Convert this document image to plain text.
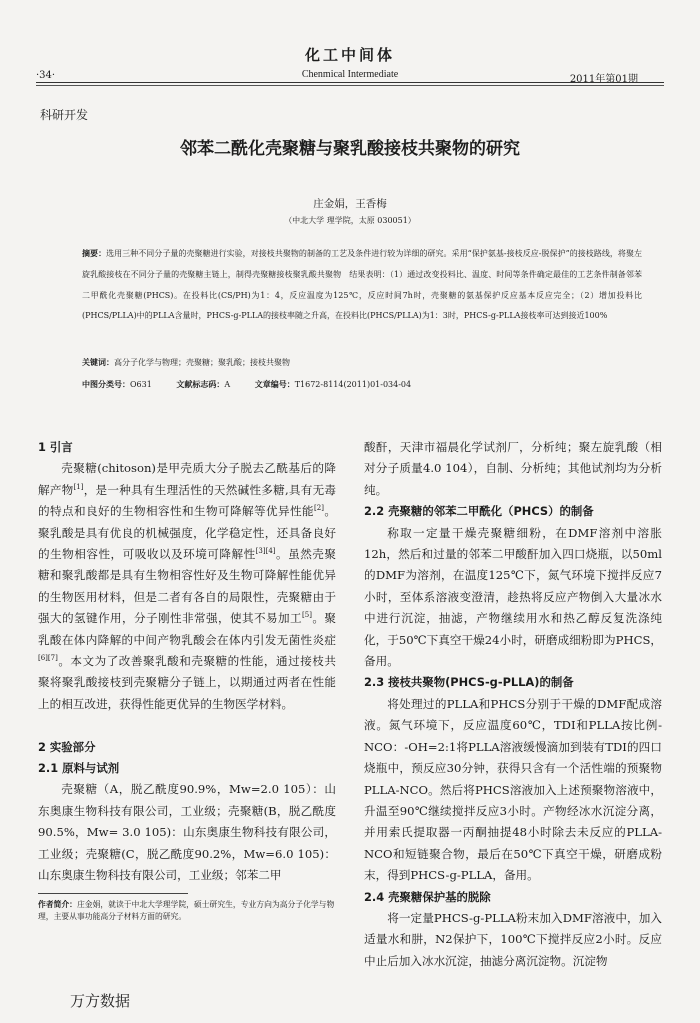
化工中间体
·34·	Chenmical Intermediate	2011年第01期
科研开发
邻苯二酰化壳聚糖与聚乳酸接枝共聚物的研究
庄金娟，王香梅
（中北大学 理学院，太原 030051）
摘要：选用三种不同分子量的壳聚糖进行实验，对接枝共聚物的制备的工艺及条件进行较为详细的研究。采用“保护氨基-接枝反应-脱保护”的接枝路线，将聚左旋乳酸接枝在不同分子量的壳聚糖主链上，制得壳聚糖接枝聚乳酸共聚物　结果表明：（1）通过改变投料比、温度、时间等条件确定最佳的工艺条件制备邻苯二甲酰化壳聚糖(PHCS)。在投料比(CS/PH)为1：4，反应温度为125℃，反应时间7h时，壳聚糖的氨基保护反应基本反应完全；（2）增加投料比(PHCS/PLLA)中的PLLA含量时，PHCS-g-PLLA的接枝率随之升高，在投料比(PHCS/PLLA)为1：3时，PHCS-g-PLLA接枝率可达到接近100%
关键词：高分子化学与物理；壳聚糖；聚乳酸；接枝共聚物
中图分类号：O631	文献标志码：A	文章编号：T1672-8114(2011)01-034-04

1 引言

壳聚糖(chitoson)是甲壳质大分子脱去乙酰基后的降解产物[1]，是一种具有生理活性的天然碱性多糖,具有无毒的特点和良好的生物相容性和生物可降解等优异性能[2]。聚乳酸是具有优良的机械强度，化学稳定性，还具备良好的生物相容性，可吸收以及环境可降解性[3][4]。虽然壳聚糖和聚乳酸都是具有生物相容性好及生物可降解性能优异的生物医用材料，但是二者有各自的局限性，壳聚糖由于强大的氢键作用，分子刚性非常强，使其不易加工[5]。聚乳酸在体内降解的中间产物乳酸会在体内引发无菌性炎症[6][7]。本文为了改善聚乳酸和壳聚糖的性能，通过接枝共聚将聚乳酸接枝到壳聚糖分子链上，以期通过两者在性能上的相互改进，获得性能更优异的生物医学材料。

2 实验部分

2.1 原料与试剂

壳聚糖（A，脱乙酰度90.9%，Mw=2.0 105）：山东奥康生物科技有限公司，工业级；壳聚糖(B，脱乙酰度90.5%，Mw= 3.0 105)：山东奥康生物科技有限公司，工业级；壳聚糖(C，脱乙酰度90.2%，Mw=6.0 105)：山东奥康生物科技有限公司，工业级；邻苯二甲

酸酐，天津市福晨化学试剂厂，分析纯；聚左旋乳酸（相对分子质量4.0 104），自制、分析纯；其他试剂均为分析纯。

2.2 壳聚糖的邻苯二甲酰化（PHCS）的制备

称取一定量干燥壳聚糖细粉，在DMF溶剂中溶胀12h，然后和过量的邻苯二甲酸酐加入四口烧瓶，以50ml的DMF为溶剂，在温度125℃下，氮气环境下搅拌反应7小时，至体系溶液变澄清，趁热将反应产物倒入大量冰水中进行沉淀，抽滤，产物继续用水和热乙醇反复洗涤纯化，于50℃下真空干燥24小时，研磨成细粉即为PHCS，备用。

2.3 接枝共聚物(PHCS-g-PLLA)的制备

将处理过的PLLA和PHCS分别于干燥的DMF配成溶液。氮气环境下，反应温度60℃，TDI和PLLA按比例-NCO：-OH=2:1将PLLA溶液缓慢滴加到装有TDI的四口烧瓶中，预反应30分钟，获得只含有一个活性端的预聚物PLLA-NCO。然后将PHCS溶液加入上述预聚物溶液中，升温至90℃继续搅拌反应3小时。产物经冰水沉淀分离，并用索氏提取器一丙酮抽提48小时除去未反应的PLLA-NCO和短链聚合物，最后在50℃下真空干燥，研磨成粉末，得到PHCS-g-PLLA，备用。

2.4 壳聚糖保护基的脱除

将一定量PHCS-g-PLLA粉末加入DMF溶液中，加入适量水和肼，N2保护下，100℃下搅拌反应2小时。反应中止后加入冰水沉淀，抽滤分离沉淀物。沉淀物

作者简介：庄金娟，就读于中北大学理学院，硕士研究生，专业方向为高分子化学与物理，主要从事功能高分子材料方面的研究。
万方数据
